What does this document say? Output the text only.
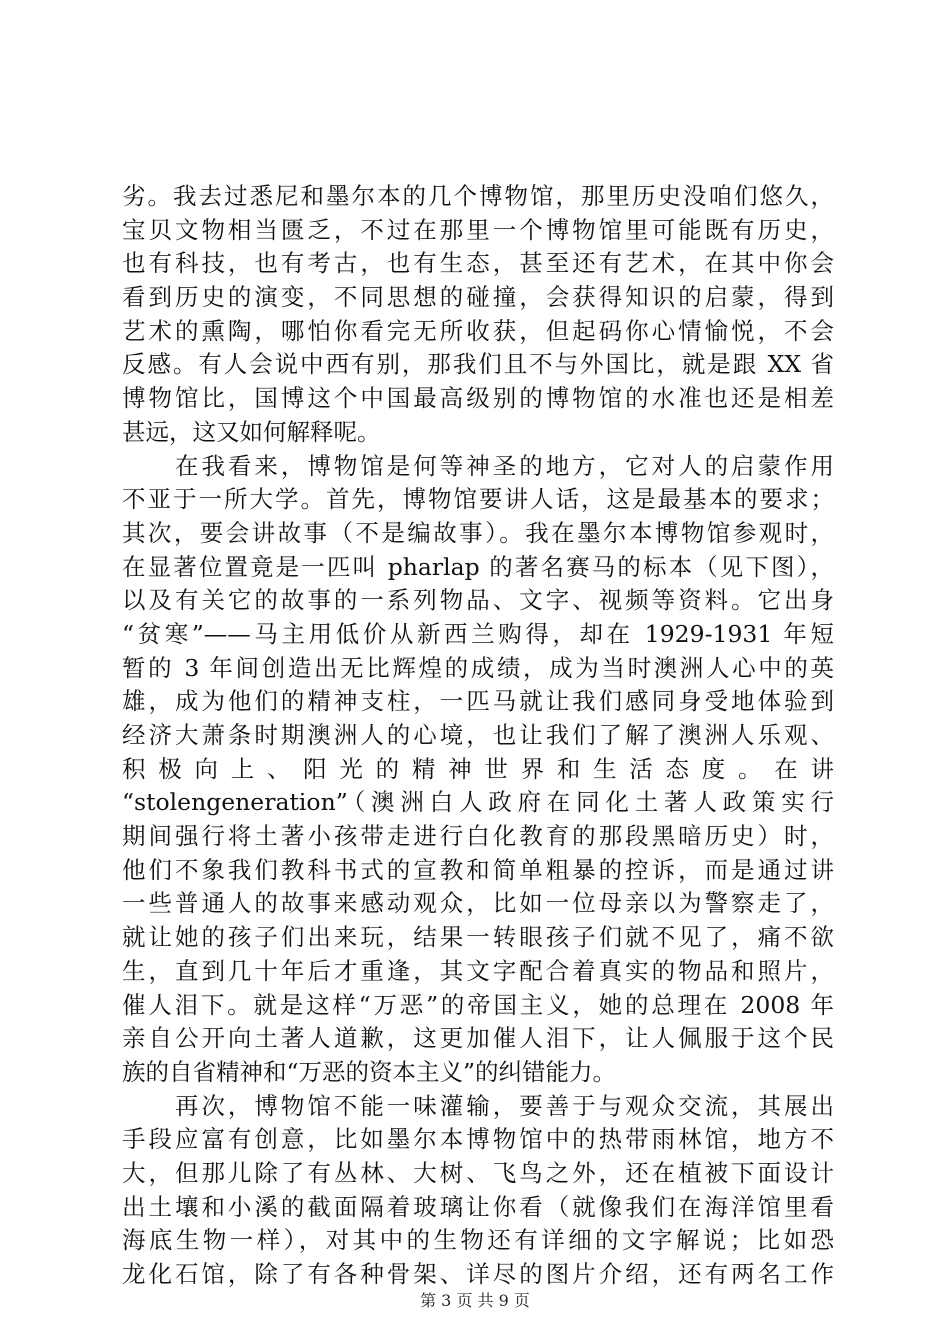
劣。我去过悉尼和墨尔本的几个博物馆，那里历史没咱们悠久，
宝贝文物相当匮乏，不过在那里一个博物馆里可能既有历史，
也有科技，也有考古，也有生态，甚至还有艺术，在其中你会
看到历史的演变，不同思想的碰撞，会获得知识的启蒙，得到
艺术的熏陶，哪怕你看完无所收获，但起码你心情愉悦，不会
反感。有人会说中西有别，那我们且不与外国比，就是跟 XX 省
博物馆比，国博这个中国最高级别的博物馆的水准也还是相差
甚远，这又如何解释呢。
　　在我看来，博物馆是何等神圣的地方，它对人的启蒙作用
不亚于一所大学。首先，博物馆要讲人话，这是最基本的要求；
其次，要会讲故事（不是编故事）。我在墨尔本博物馆参观时，
在显著位置竟是一匹叫 pharlap 的著名赛马的标本（见下图），
以及有关它的故事的一系列物品、文字、视频等资料。它出身
“贫寒”——马主用低价从新西兰购得，却在 1929-1931 年短
暂的 3 年间创造出无比辉煌的成绩，成为当时澳洲人心中的英
雄，成为他们的精神支柱，一匹马就让我们感同身受地体验到
经济大萧条时期澳洲人的心境，也让我们了解了澳洲人乐观、
积 极 向 上 、 阳 光 的 精 神 世 界 和 生 活 态 度 。 在 讲
“stolengeneration”（澳洲白人政府在同化土著人政策实行
期间强行将土著小孩带走进行白化教育的那段黑暗历史）时，
他们不象我们教科书式的宣教和简单粗暴的控诉，而是通过讲
一些普通人的故事来感动观众，比如一位母亲以为警察走了，
就让她的孩子们出来玩，结果一转眼孩子们就不见了，痛不欲
生，直到几十年后才重逢，其文字配合着真实的物品和照片，
催人泪下。就是这样“万恶”的帝国主义，她的总理在 2008 年
亲自公开向土著人道歉，这更加催人泪下，让人佩服于这个民
族的自省精神和“万恶的资本主义”的纠错能力。
　　再次，博物馆不能一味灌输，要善于与观众交流，其展出
手段应富有创意，比如墨尔本博物馆中的热带雨林馆，地方不
大，但那儿除了有丛林、大树、飞鸟之外，还在植被下面设计
出土壤和小溪的截面隔着玻璃让你看（就像我们在海洋馆里看
海底生物一样），对其中的生物还有详细的文字解说；比如恐
龙化石馆，除了有各种骨架、详尽的图片介绍，还有两名工作
第 3 页 共 9 页
